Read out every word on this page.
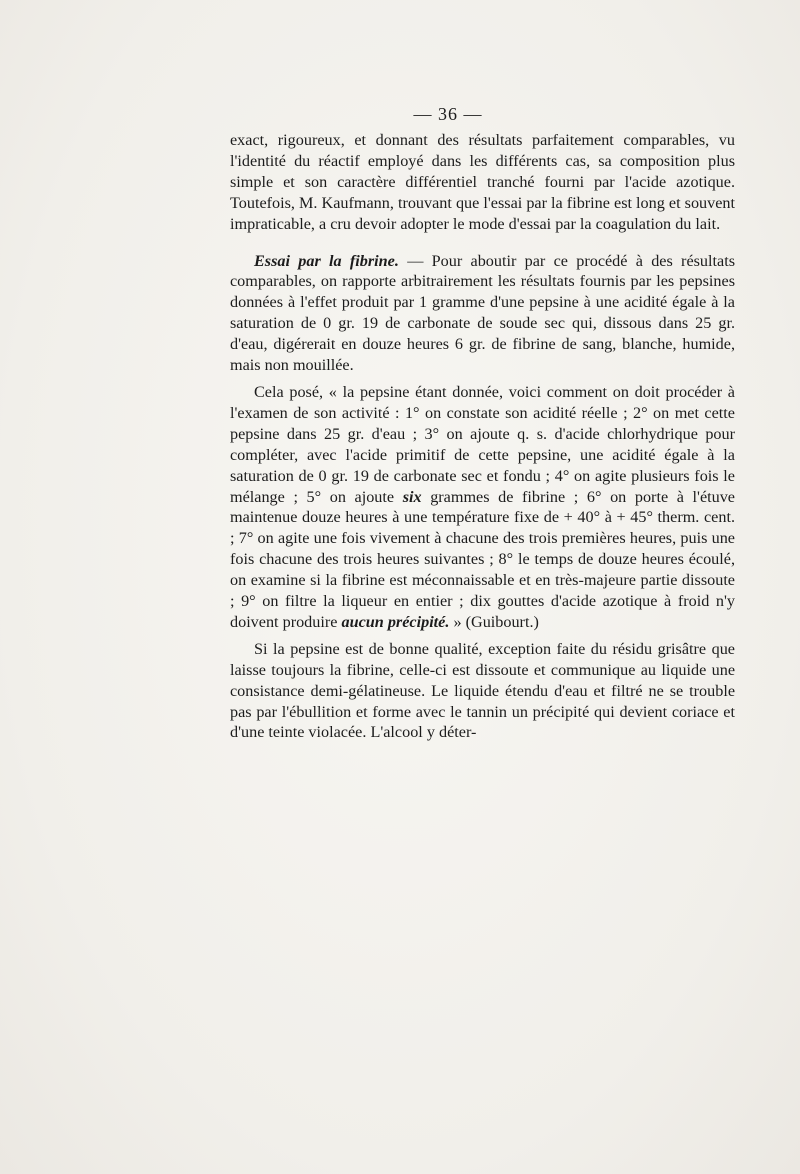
— 36 —

exact, rigoureux, et donnant des résultats parfaitement comparables, vu l'identité du réactif employé dans les différents cas, sa composition plus simple et son caractère différentiel tranché fourni par l'acide azotique. Toutefois, M. Kaufmann, trouvant que l'essai par la fibrine est long et souvent impraticable, a cru devoir adopter le mode d'essai par la coagulation du lait.

Essai par la fibrine. — Pour aboutir par ce procédé à des résultats comparables, on rapporte arbitrairement les résultats fournis par les pepsines données à l'effet produit par 1 gramme d'une pepsine à une acidité égale à la saturation de 0 gr. 19 de carbonate de soude sec qui, dissous dans 25 gr. d'eau, digérerait en douze heures 6 gr. de fibrine de sang, blanche, humide, mais non mouillée.

Cela posé, « la pepsine étant donnée, voici comment on doit procéder à l'examen de son activité : 1° on constate son acidité réelle ; 2° on met cette pepsine dans 25 gr. d'eau ; 3° on ajoute q. s. d'acide chlorhydrique pour compléter, avec l'acide primitif de cette pepsine, une acidité égale à la saturation de 0 gr. 19 de carbonate sec et fondu ; 4° on agite plusieurs fois le mélange ; 5° on ajoute six grammes de fibrine ; 6° on porte à l'étuve maintenue douze heures à une température fixe de + 40° à + 45° therm. cent. ; 7° on agite une fois vivement à chacune des trois premières heures, puis une fois chacune des trois heures suivantes ; 8° le temps de douze heures écoulé, on examine si la fibrine est méconnaissable et en très-majeure partie dissoute ; 9° on filtre la liqueur en entier ; dix gouttes d'acide azotique à froid n'y doivent produire aucun précipité. » (Guibourt.)

Si la pepsine est de bonne qualité, exception faite du résidu grisâtre que laisse toujours la fibrine, celle-ci est dissoute et communique au liquide une consistance demi-gélatineuse. Le liquide étendu d'eau et filtré ne se trouble pas par l'ébullition et forme avec le tannin un précipité qui devient coriace et d'une teinte violacée. L'alcool y déter-
